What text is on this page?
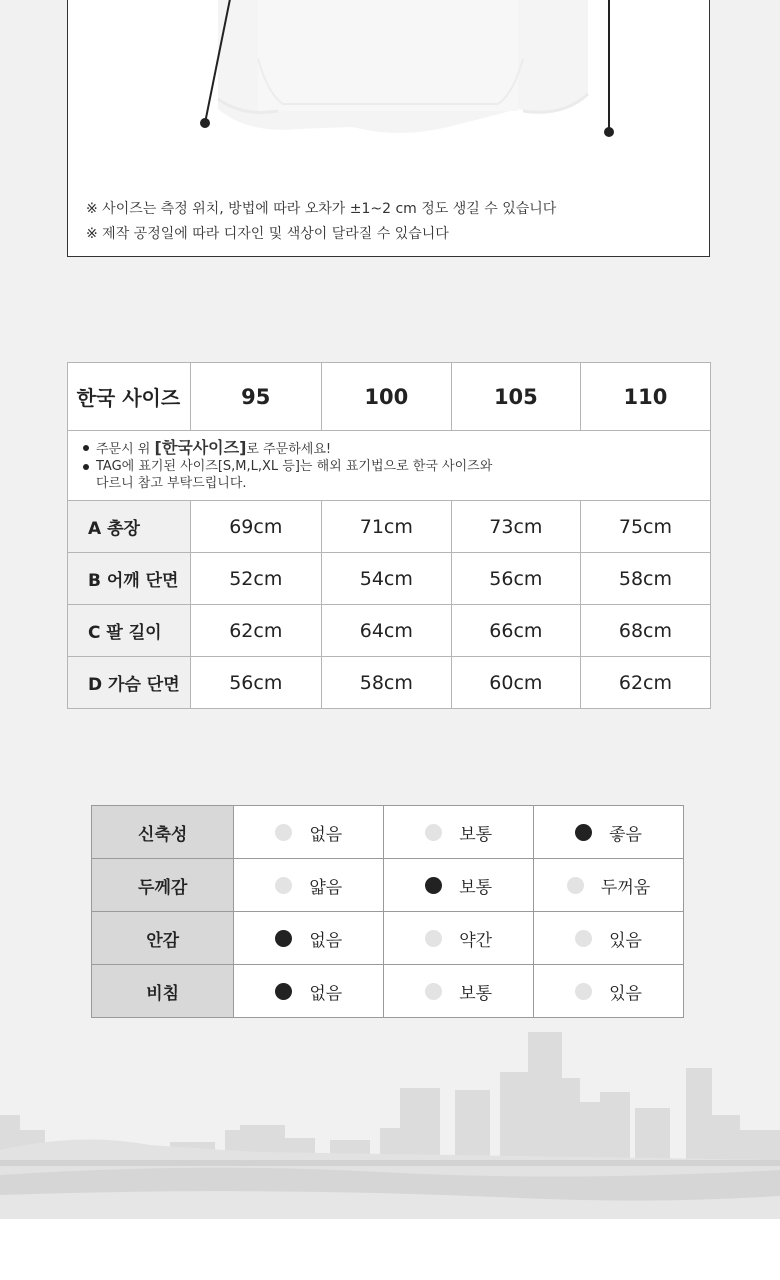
※ 사이즈는 측정 위치, 방법에 따라 오차가 ±1~2 cm 정도 생길 수 있습니다
※ 제작 공정일에 따라 디자인 및 색상이 달라질 수 있습니다
한국 사이즈	95	100	105	110

주문시 위 [한국사이즈]로 주문하세요!
TAG에 표기된 사이즈[S,M,L,XL 등]는 해외 표기법으로 한국 사이즈와
다르니 참고 부탁드립니다.				

A 총장	69cm	71cm	73cm	75cm
B 어깨 단면	52cm	54cm	56cm	58cm
C 팔 길이	62cm	64cm	66cm	68cm
D 가슴 단면	56cm	58cm	60cm	62cm
신축성	없음	보통	좋음

두께감	얇음	보통	두꺼움

안감	없음	약간	있음

비침	없음	보통	있음
